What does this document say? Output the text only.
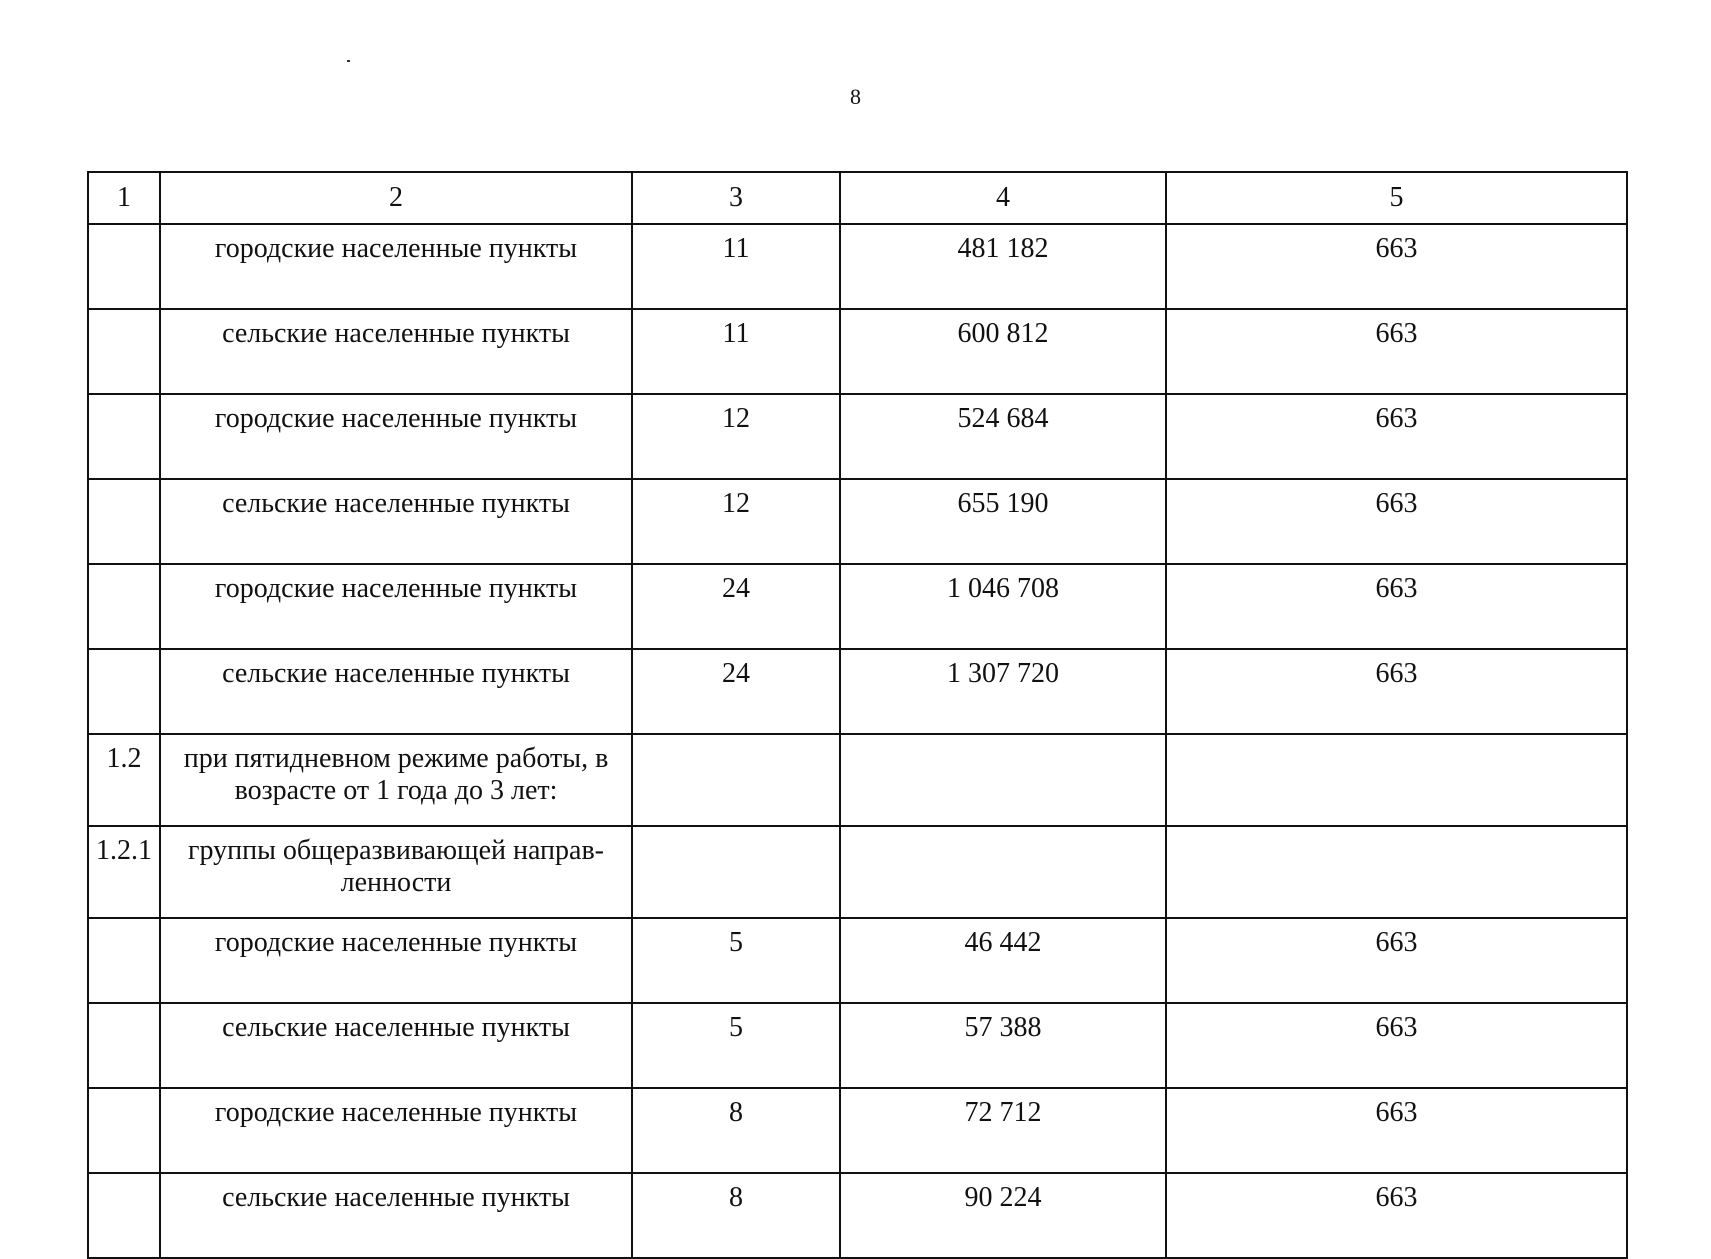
8
1	2	3	4	5
	городские населенные пункты	11	481 182	663
	сельские населенные пункты	11	600 812	663
	городские населенные пункты	12	524 684	663
	сельские населенные пункты	12	655 190	663
	городские населенные пункты	24	1 046 708	663
	сельские населенные пункты	24	1 307 720	663
1.2	при пятидневном режиме работы, в возрасте от 1 года до 3 лет:			
1.2.1	группы общеразвивающей направ-ленности			
	городские населенные пункты	5	46 442	663
	сельские населенные пункты	5	57 388	663
	городские населенные пункты	8	72 712	663
	сельские населенные пункты	8	90 224	663
